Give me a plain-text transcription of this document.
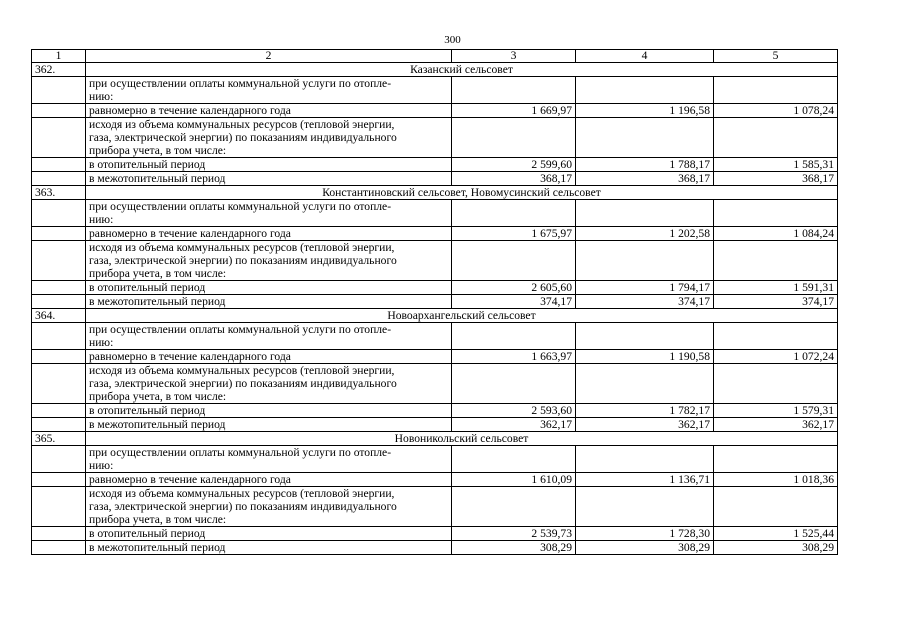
300
1	2	3	4	5
362.	Казанский сельсовет			
	при осуществлении оплаты коммунальной услуги по отопле-
нию:			
	равномерно в течение календарного года	1 669,97	1 196,58	1 078,24
	исходя из объема коммунальных ресурсов (тепловой энергии,
газа, электрической энергии) по показаниям индивидуального
прибора учета, в том числе:			
	в отопительный период	2 599,60	1 788,17	1 585,31
	в межотопительный период	368,17	368,17	368,17
363.	Константиновский сельсовет, Новомусинский сельсовет			
	при осуществлении оплаты коммунальной услуги по отопле-
нию:			
	равномерно в течение календарного года	1 675,97	1 202,58	1 084,24
	исходя из объема коммунальных ресурсов (тепловой энергии,
газа, электрической энергии) по показаниям индивидуального
прибора учета, в том числе:			
	в отопительный период	2 605,60	1 794,17	1 591,31
	в межотопительный период	374,17	374,17	374,17
364.	Новоархангельский сельсовет			
	при осуществлении оплаты коммунальной услуги по отопле-
нию:			
	равномерно в течение календарного года	1 663,97	1 190,58	1 072,24
	исходя из объема коммунальных ресурсов (тепловой энергии,
газа, электрической энергии) по показаниям индивидуального
прибора учета, в том числе:			
	в отопительный период	2 593,60	1 782,17	1 579,31
	в межотопительный период	362,17	362,17	362,17
365.	Новоникольский сельсовет			
	при осуществлении оплаты коммунальной услуги по отопле-
нию:			
	равномерно в течение календарного года	1 610,09	1 136,71	1 018,36
	исходя из объема коммунальных ресурсов (тепловой энергии,
газа, электрической энергии) по показаниям индивидуального
прибора учета, в том числе:			
	в отопительный период	2 539,73	1 728,30	1 525,44
	в межотопительный период	308,29	308,29	308,29
